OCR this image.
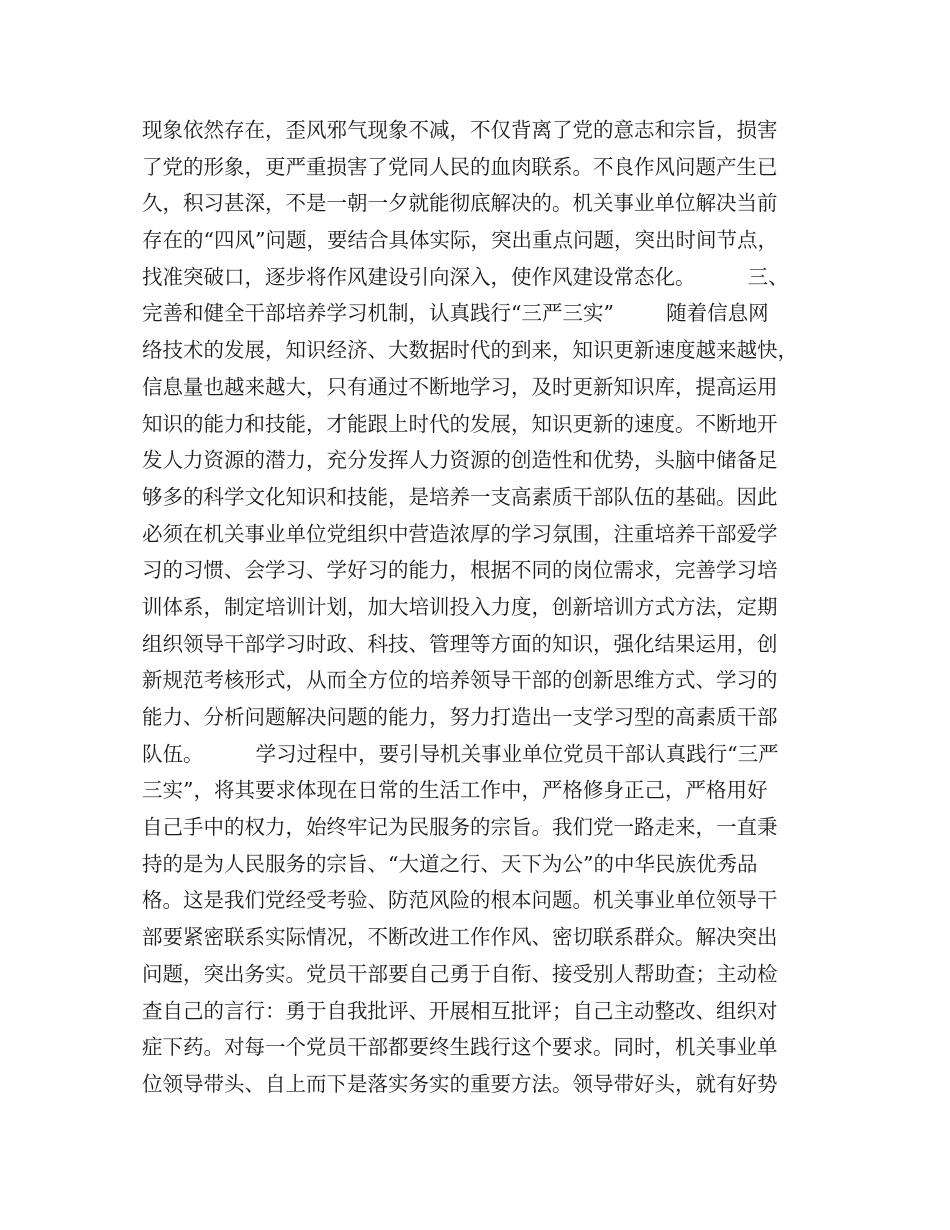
现象依然存在，歪风邪气现象不减，不仅背离了党的意志和宗旨，损害
了党的形象，更严重损害了党同人民的血肉联系。不良作风问题产生已
久，积习甚深，不是一朝一夕就能彻底解决的。机关事业单位解决当前
存在的“四风”问题，要结合具体实际，突出重点问题，突出时间节点，
找准突破口，逐步将作风建设引向深入，使作风建设常态化。        三、
完善和健全干部培养学习机制，认真践行“三严三实”        随着信息网
络技术的发展，知识经济、大数据时代的到来，知识更新速度越来越快，
信息量也越来越大，只有通过不断地学习，及时更新知识库，提高运用
知识的能力和技能，才能跟上时代的发展，知识更新的速度。不断地开
发人力资源的潜力，充分发挥人力资源的创造性和优势，头脑中储备足
够多的科学文化知识和技能，是培养一支高素质干部队伍的基础。因此
必须在机关事业单位党组织中营造浓厚的学习氛围，注重培养干部爱学
习的习惯、会学习、学好习的能力，根据不同的岗位需求，完善学习培
训体系，制定培训计划，加大培训投入力度，创新培训方式方法，定期
组织领导干部学习时政、科技、管理等方面的知识，强化结果运用，创
新规范考核形式，从而全方位的培养领导干部的创新思维方式、学习的
能力、分析问题解决问题的能力，努力打造出一支学习型的高素质干部
队伍。        学习过程中，要引导机关事业单位党员干部认真践行“三严
三实”，将其要求体现在日常的生活工作中，严格修身正己，严格用好
自己手中的权力，始终牢记为民服务的宗旨。我们党一路走来，一直秉
持的是为人民服务的宗旨、“大道之行、天下为公”的中华民族优秀品
格。这是我们党经受考验、防范风险的根本问题。机关事业单位领导干
部要紧密联系实际情况，不断改进工作作风、密切联系群众。解决突出
问题，突出务实。党员干部要自己勇于自衔、接受别人帮助查；主动检
查自己的言行：勇于自我批评、开展相互批评；自己主动整改、组织对
症下药。对每一个党员干部都要终生践行这个要求。同时，机关事业单
位领导带头、自上而下是落实务实的重要方法。领导带好头，就有好势
